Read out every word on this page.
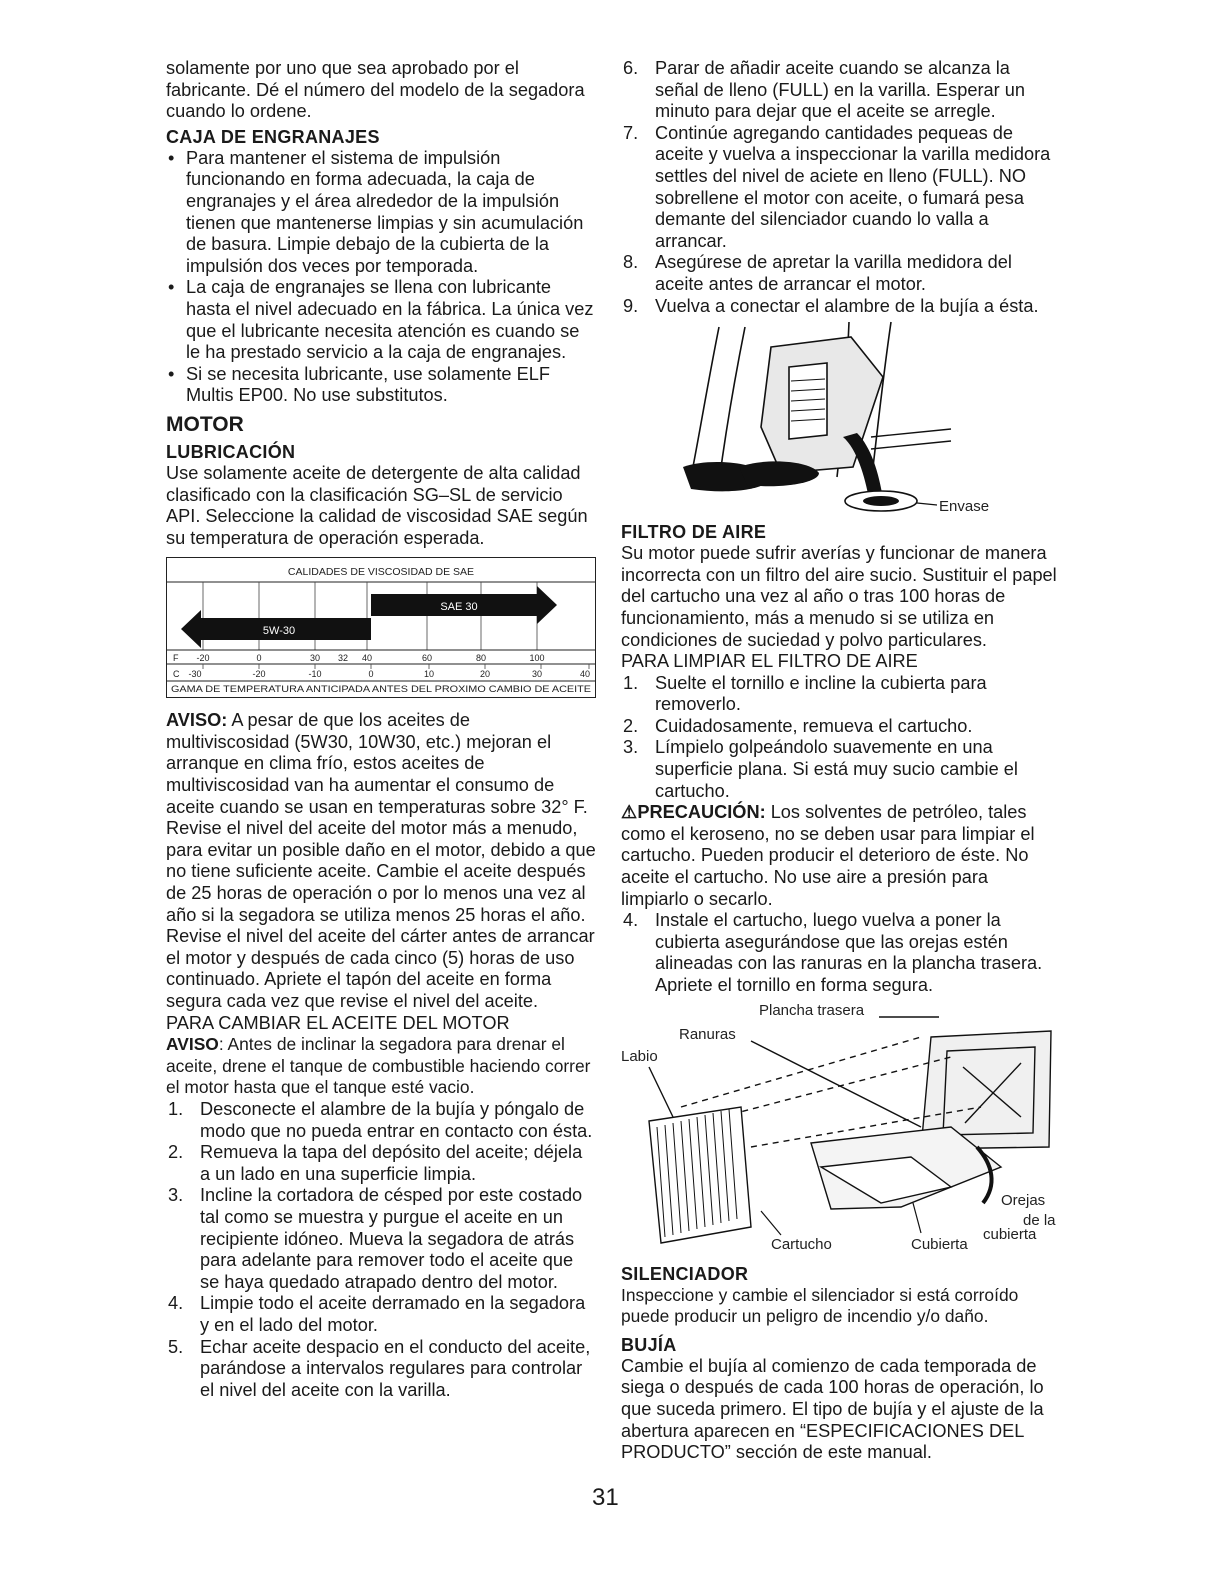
solamente por uno que sea aprobado por el fabricante. Dé el número del modelo de la segadora cuando lo ordene.

CAJA DE ENGRANAJES
• Para mantener el sistema de impulsión funcionando en forma adecuada, la caja de engranajes y el área alrededor de la impulsión tienen que mantenerse limpias y sin acumulación de basura. Limpie debajo de la cubierta de la impulsión dos veces por temporada.
• La caja de engranajes se llena con lubricante hasta el nivel adecuado en la fábrica. La única vez que el lubricante necesita atención es cuando se le ha prestado servicio a la caja de engranajes.
• Si se necesita lubricante, use solamente ELF Multis EP00. No use substitutos.
MOTOR
LUBRICACIÓN

Use solamente aceite de detergente de alta calidad clasificado con la clasificación SG–SL de servicio API. Seleccione la calidad de viscosidad SAE según su temperatura de operación esperada.

CALIDADES DE VISCOSIDAD DE SAE
SAE 30
5W-30
F -20	0	30 32 40	60	80	100
C -30	-20	-10	0	10	20	30	40
GAMA DE TEMPERATURA ANTICIPADA ANTES DEL PROXIMO CAMBIO DE ACEITE

AVISO: A pesar de que los aceites de multiviscosidad (5W30, 10W30, etc.) mejoran el arranque en clima frío, estos aceites de multiviscosidad van ha aumentar el consumo de aceite cuando se usan en temperaturas sobre 32° F. Revise el nivel del aceite del motor más a menudo, para evitar un posible daño en el motor, debido a que no tiene suficiente aceite. Cambie el aceite después de 25 horas de operación o por lo menos una vez al año si la segadora se utiliza menos 25 horas el año. Revise el nivel del aceite del cárter antes de arrancar el motor y después de cada cinco (5) horas de uso continuado. Apriete el tapón del aceite en forma segura cada vez que revise el nivel del aceite.

PARA CAMBIAR EL ACEITE DEL MOTOR

AVISO: Antes de inclinar la segadora para drenar el aceite, drene el tanque de combustible haciendo correr el motor hasta que el tanque esté vacio.

1. Desconecte el alambre de la bujía y póngalo de modo que no pueda entrar en contacto con ésta.
2. Remueva la tapa del depósito del aceite; déjela a un lado en una superficie limpia.
3. Incline la cortadora de césped por este costado tal como se muestra y purgue el aceite en un recipiente idóneo. Mueva la segadora de atrás para adelante para remover todo el aceite que se haya quedado atrapado dentro del motor.
4. Limpie todo el aceite derramado en la segadora y en el lado del motor.
5. Echar aceite despacio en el conducto del aceite, parándose a intervalos regulares para controlar el nivel del aceite con la varilla.
6. Parar de añadir aceite cuando se alcanza la señal de lleno (FULL) en la varilla. Esperar un minuto para dejar que el aceite se arregle.
7. Continúe agregando cantidades pequeas de aceite y vuelva a inspeccionar la varilla medidora settles del nivel de aciete en lleno (FULL). NO sobrellene el motor con aceite, o fumará pesa demante del silenciador cuando lo valla a arrancar.
8. Asegúrese de apretar la varilla medidora del aceite antes de arrancar el motor.
9. Vuelva a conectar el alambre de la bujía a ésta.
Envase
FILTRO DE AIRE

Su motor puede sufrir averías y funcionar de manera incorrecta con un filtro del aire sucio. Sustituir el papel del cartucho una vez al año o tras 100 horas de funcionamiento, más a menudo si se utiliza en condiciones de suciedad y polvo particulares.

PARA LIMPIAR EL FILTRO DE AIRE

1. Suelte el tornillo e incline la cubierta para removerlo.
2. Cuidadosamente, remueva el cartucho.
3. Límpielo golpeándolo suavemente en una superficie plana. Si está muy sucio cambie el cartucho.

⚠PRECAUCIÓN: Los solventes de petróleo, tales como el keroseno, no se deben usar para limpiar el cartucho. Pueden producir el deterioro de éste. No aceite el cartucho. No use aire a presión para limpiarlo o secarlo.

4. Instale el cartucho, luego vuelva a poner la cubierta asegurándose que las orejas estén alineadas con las ranuras en la plancha trasera. Apriete el tornillo en forma segura.
Plancha trasera
Ranuras
Labio
Orejas
de la
cubierta
Cartucho	Cubierta
SILENCIADOR

Inspeccione y cambie el silenciador si está corroído puede producir un peligro de incendio y/o daño.

BUJÍA

Cambie el bujía al comienzo de cada temporada de siega o después de cada 100 horas de operación, lo que suceda primero. El tipo de bujía y el ajuste de la abertura aparecen en “ESPECIFICACIONES DEL PRODUCTO” sección de este manual.

31
